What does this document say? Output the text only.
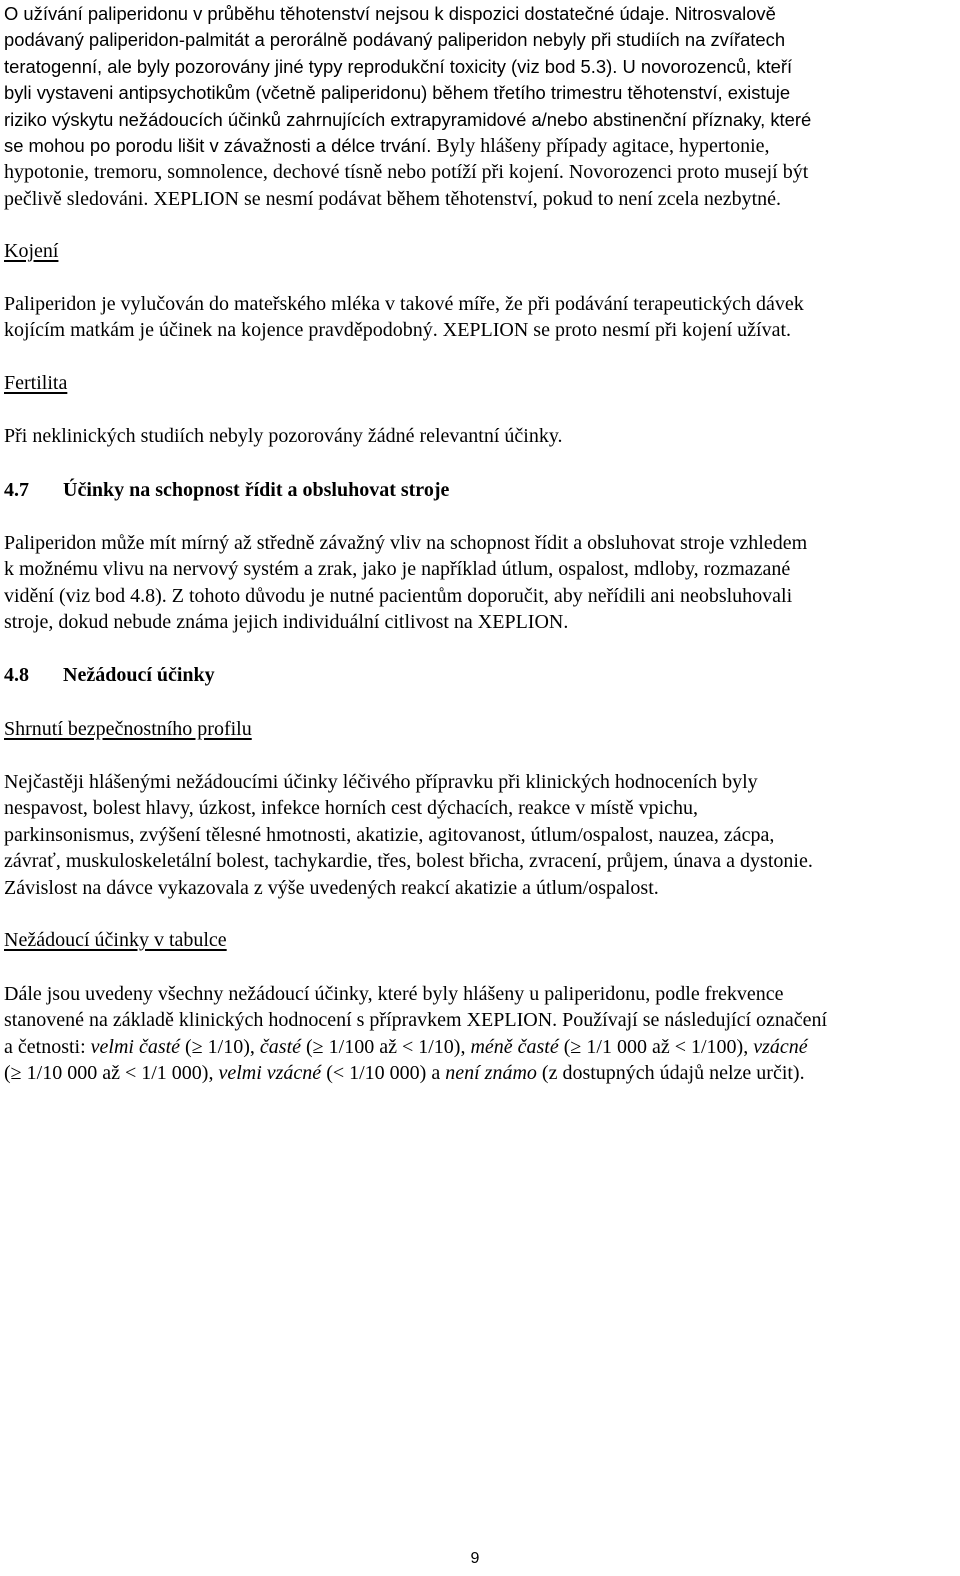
O užívání paliperidonu v průběhu těhotenství nejsou k dispozici dostatečné údaje. Nitrosvalově

podávaný paliperidon-palmitát a perorálně podávaný paliperidon nebyly při studiích na zvířatech

teratogenní, ale byly pozorovány jiné typy reprodukční toxicity (viz bod 5.3). U novorozenců, kteří

byli vystaveni antipsychotikům (včetně paliperidonu) během třetího trimestru těhotenství, existuje

riziko výskytu nežádoucích účinků zahrnujících extrapyramidové a/nebo abstinenční příznaky, které

se mohou po porodu lišit v závažnosti a délce trvání. Byly hlášeny případy agitace, hypertonie,

hypotonie, tremoru, somnolence, dechové tísně nebo potíží při kojení. Novorozenci proto musejí být

pečlivě sledováni. XEPLION se nesmí podávat během těhotenství, pokud to není zcela nezbytné.

Kojení

Paliperidon je vylučován do mateřského mléka v takové míře, že při podávání terapeutických dávek

kojícím matkám je účinek na kojence pravděpodobný. XEPLION se proto nesmí při kojení užívat.

Fertilita

Při neklinických studiích nebyly pozorovány žádné relevantní účinky.

4.7 Účinky na schopnost řídit a obsluhovat stroje

Paliperidon může mít mírný až středně závažný vliv na schopnost řídit a obsluhovat stroje vzhledem

k možnému vlivu na nervový systém a zrak, jako je například útlum, ospalost, mdloby, rozmazané

vidění (viz bod 4.8). Z tohoto důvodu je nutné pacientům doporučit, aby neřídili ani neobsluhovali

stroje, dokud nebude známa jejich individuální citlivost na XEPLION.

4.8 Nežádoucí účinky

Shrnutí bezpečnostního profilu

Nejčastěji hlášenými nežádoucími účinky léčivého přípravku při klinických hodnoceních byly

nespavost, bolest hlavy, úzkost, infekce horních cest dýchacích, reakce v místě vpichu,

parkinsonismus, zvýšení tělesné hmotnosti, akatizie, agitovanost, útlum/ospalost, nauzea, zácpa,

závrať, muskuloskeletální bolest, tachykardie, třes, bolest břicha, zvracení, průjem, únava a dystonie.

Závislost na dávce vykazovala z výše uvedených reakcí akatizie a útlum/ospalost.

Nežádoucí účinky v tabulce

Dále jsou uvedeny všechny nežádoucí účinky, které byly hlášeny u paliperidonu, podle frekvence

stanovené na základě klinických hodnocení s přípravkem XEPLION. Používají se následující označení

a četnosti: velmi časté (≥ 1/10), časté (≥ 1/100 až < 1/10), méně časté (≥ 1/1 000 až < 1/100), vzácné

(≥ 1/10 000 až < 1/1 000), velmi vzácné (< 1/10 000) a není známo (z dostupných údajů nelze určit).

9
